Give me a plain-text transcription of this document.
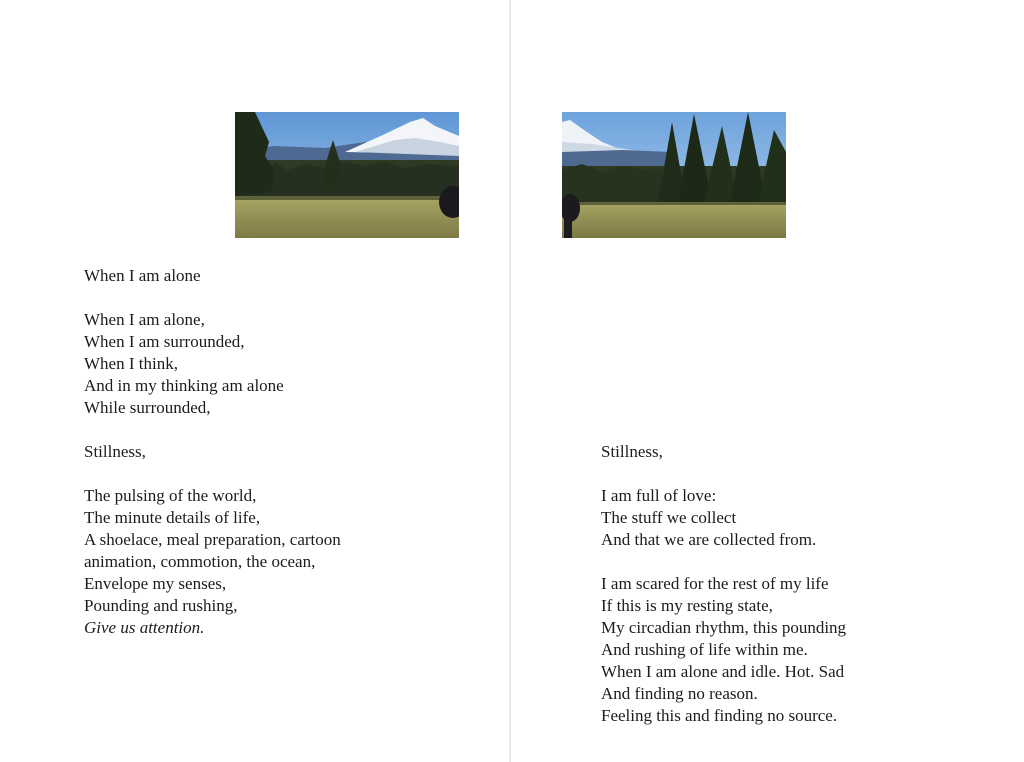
When I am alone
When I am alone,
When I am surrounded,
When I think,
And in my thinking am alone
While surrounded,
Stillness,
The pulsing of the world,
The minute details of life,
A shoelace, meal preparation, cartoon
animation, commotion, the ocean,
Envelope my senses,
Pounding and rushing,
Give us attention.
Stillness,
I am full of love:
The stuff we collect
And that we are collected from.
I am scared for the rest of my life
If this is my resting state,
My circadian rhythm, this pounding
And rushing of life within me.
When I am alone and idle. Hot. Sad
And finding no reason.
Feeling this and finding no source.
